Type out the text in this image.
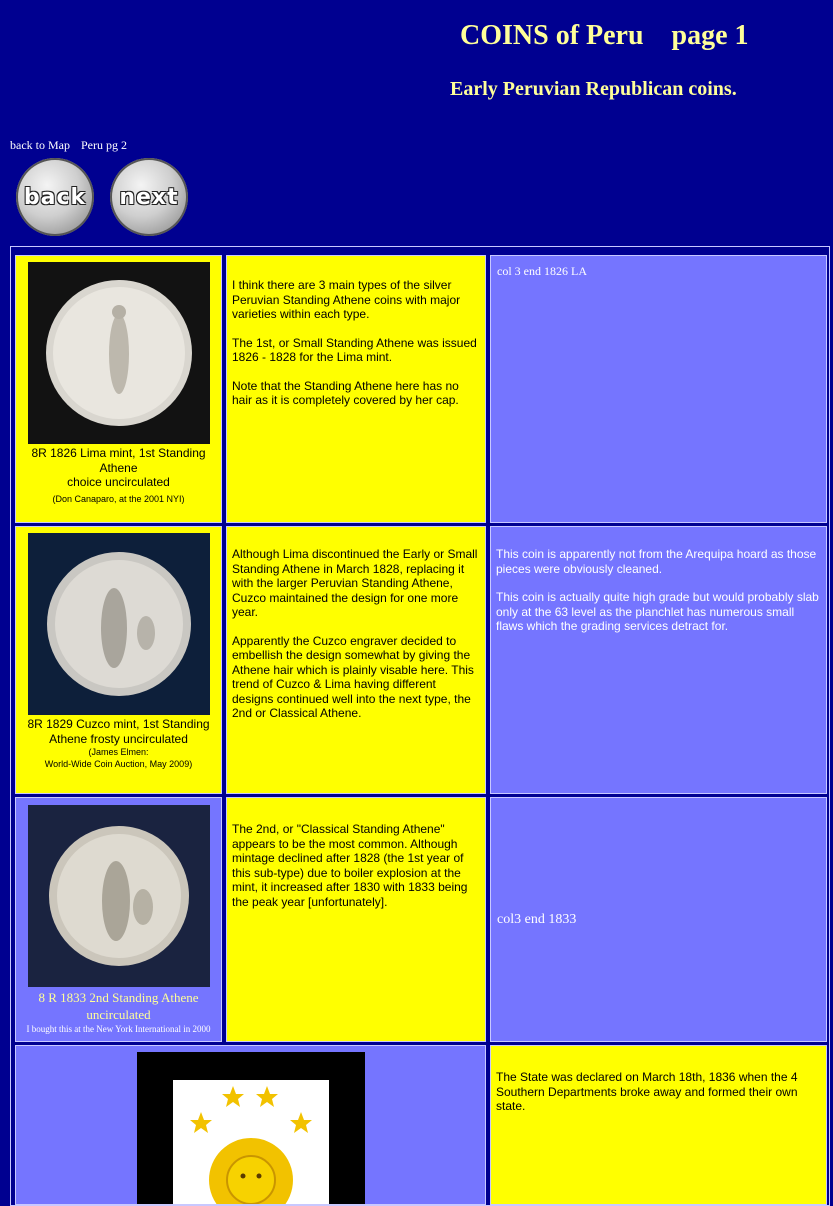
COINS of Peru    page 1
Early Peruvian Republican coins.
back to Map Peru pg 2
back	next
8R 1826 Lima mint, 1st Standing Athene
choice uncirculated
(Don Canaparo, at the 2001 NYI)

I think there are 3 main types of the silver Peruvian Standing Athene coins with major varieties within each type.

The 1st, or Small Standing Athene was issued 1826 - 1828 for the Lima mint.

Note that the Standing Athene here has no hair as it is completely covered by her cap.

col 3 end 1826 LA
8R 1829 Cuzco mint, 1st Standing Athene frosty uncirculated
(James Elmen:
World-Wide Coin Auction, May 2009)

Although Lima discontinued the Early or Small Standing Athene in March 1828, replacing it with the larger Peruvian Standing Athene, Cuzco maintained the design for one more year.

Apparently the Cuzco engraver decided to embellish the design somewhat by giving the Athene hair which is plainly visable here. This trend of Cuzco & Lima having different designs continued well into the next type, the 2nd or Classical Athene.

This coin is apparently not from the Arequipa hoard as those pieces were obviously cleaned.

This coin is actually quite high grade but would probably slab only at the 63 level as the planchlet has numerous small flaws which the grading services detract for.

8 R 1833 2nd Standing Athene uncirculated
I bought this at the New York International in 2000

The 2nd, or "Classical Standing Athene" appears to be the most common. Although mintage declined after 1828 (the 1st year of this sub-type) due to boiler explosion at the mint, it increased after 1830 with 1833 being the peak year [unfortunately].

col3 end 1833

The State was declared on March 18th, 1836 when the 4 Southern Departments broke away and formed their own state.
